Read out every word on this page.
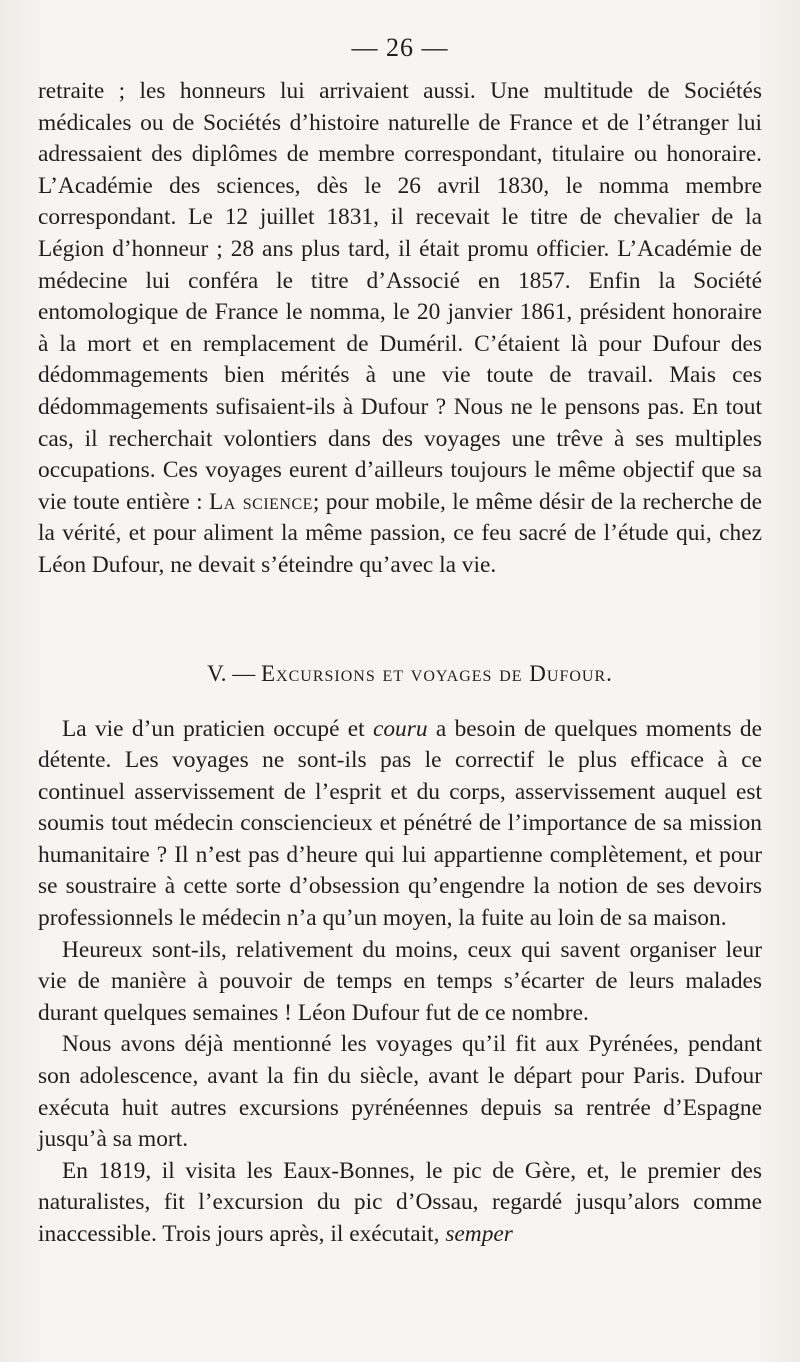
— 26 —

retraite ; les honneurs lui arrivaient aussi. Une multitude de Sociétés médicales ou de Sociétés d’histoire naturelle de France et de l’étranger lui adressaient des diplômes de membre correspondant, titulaire ou honoraire. L’Académie des sciences, dès le 26 avril 1830, le nomma membre correspondant. Le 12 juillet 1831, il recevait le titre de chevalier de la Légion d’honneur ; 28 ans plus tard, il était promu officier. L’Académie de médecine lui conféra le titre d’Associé en 1857. Enfin la Société entomologique de France le nomma, le 20 janvier 1861, président honoraire à la mort et en remplacement de Duméril. C’étaient là pour Dufour des dédommagements bien mérités à une vie toute de travail. Mais ces dédommagements sufisaient-ils à Dufour ? Nous ne le pensons pas. En tout cas, il recherchait volontiers dans des voyages une trêve à ses multiples occupations. Ces voyages eurent d’ailleurs toujours le même objectif que sa vie toute entière : La science; pour mobile, le même désir de la recherche de la vérité, et pour aliment la même passion, ce feu sacré de l’étude qui, chez Léon Dufour, ne devait s’éteindre qu’avec la vie.

V. — Excursions et voyages de Dufour.

La vie d’un praticien occupé et couru a besoin de quelques moments de détente. Les voyages ne sont-ils pas le correctif le plus efficace à ce continuel asservissement de l’esprit et du corps, asservissement auquel est soumis tout médecin consciencieux et pénétré de l’importance de sa mission humanitaire ? Il n’est pas d’heure qui lui appartienne complètement, et pour se soustraire à cette sorte d’obsession qu’engendre la notion de ses devoirs professionnels le médecin n’a qu’un moyen, la fuite au loin de sa maison.

Heureux sont-ils, relativement du moins, ceux qui savent organiser leur vie de manière à pouvoir de temps en temps s’écarter de leurs malades durant quelques semaines ! Léon Dufour fut de ce nombre.

Nous avons déjà mentionné les voyages qu’il fit aux Pyrénées, pendant son adolescence, avant la fin du siècle, avant le départ pour Paris. Dufour exécuta huit autres excursions pyrénéennes depuis sa rentrée d’Espagne jusqu’à sa mort.

En 1819, il visita les Eaux-Bonnes, le pic de Gère, et, le premier des naturalistes, fit l’excursion du pic d’Ossau, regardé jusqu’alors comme inaccessible. Trois jours après, il exécutait, semper
